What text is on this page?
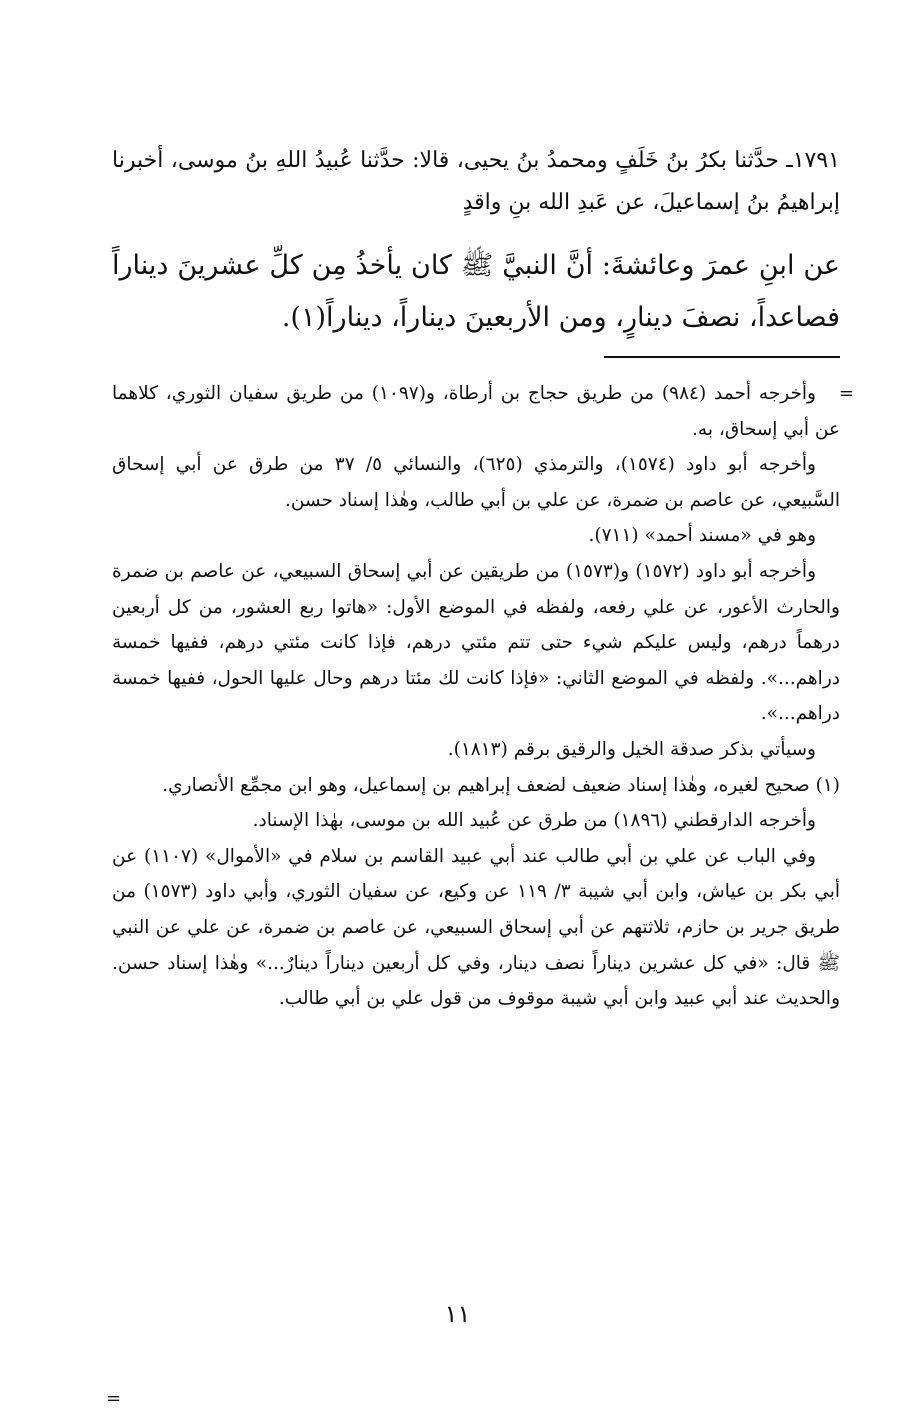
١٧٩١ـ حدَّثنا بكرُ بنُ خَلَفٍ ومحمدُ بنُ يحيى، قالا: حدَّثنا عُبيدُ اللهِ بنُ موسى، أخبرنا إبراهيمُ بنُ إسماعيلَ، عن عَبدِ الله بنِ واقدٍ

عن ابنِ عمرَ وعائشةَ: أنَّ النبيَّ ﷺ كان يأخذُ مِن كلِّ عشرينَ ديناراً فصاعداً، نصفَ دينارٍ، ومن الأربعينَ ديناراً، ديناراً(١).

=
وأخرجه أحمد (٩٨٤) من طريق حجاج بن أرطاة، و(١٠٩٧) من طريق سفيان الثوري، كلاهما عن أبي إسحاق، به.

وأخرجه أبو داود (١٥٧٤)، والترمذي (٦٢٥)، والنسائي ٥/ ٣٧ من طرق عن أبي إسحاق السَّبيعي، عن عاصم بن ضمرة، عن علي بن أبي طالب، وهٰذا إسناد حسن.

وهو في «مسند أحمد» (٧١١).

وأخرجه أبو داود (١٥٧٢) و(١٥٧٣) من طريقين عن أبي إسحاق السبيعي، عن عاصم بن ضمرة والحارث الأعور، عن علي رفعه، ولفظه في الموضع الأول: «هاتوا ربع العشور، من كل أربعين درهماً درهم، وليس عليكم شيء حتى تتم مئتي درهم، فإذا كانت مئتي درهم، ففيها خمسة دراهم...». ولفظه في الموضع الثاني: «فإذا كانت لك مئتا درهم وحال عليها الحول، ففيها خمسة دراهم...».

وسيأتي بذكر صدقة الخيل والرقيق برقم (١٨١٣).

(١) صحيح لغيره، وهٰذا إسناد ضعيف لضعف إبراهيم بن إسماعيل، وهو ابن مجمِّع الأنصاري.

وأخرجه الدارقطني (١٨٩٦) من طرق عن عُبيد الله بن موسى، بهٰذا الإسناد.

وفي الباب عن علي بن أبي طالب عند أبي عبيد القاسم بن سلام في «الأموال» (١١٠٧) عن أبي بكر بن عياش، وابن أبي شيبة ٣/ ١١٩ عن وكيع، عن سفيان الثوري، وأبي داود (١٥٧٣) من طريق جرير بن حازم، ثلاثتهم عن أبي إسحاق السبيعي، عن عاصم بن ضمرة، عن علي عن النبي ﷺ قال: «في كل عشرين ديناراً نصف دينار، وفي كل أربعين ديناراً دينارٌ...» وهٰذا إسناد حسن. والحديث عند أبي عبيد وابن أبي شيبة موقوف من قول علي بن أبي طالب.

=
١١
